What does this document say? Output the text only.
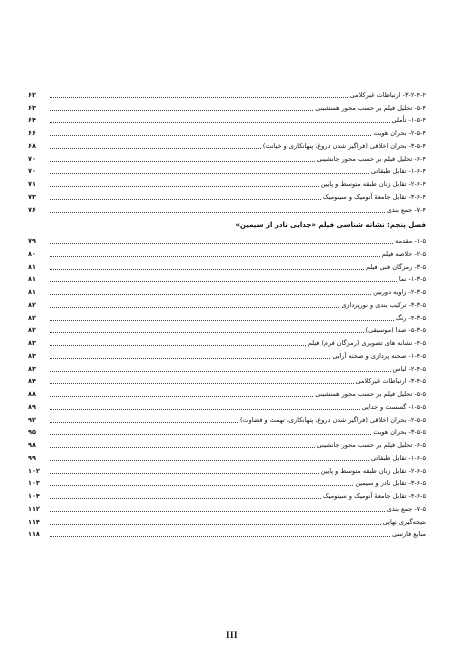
۳-۲-۴-۲- ارتباطات غیرکلامی
۶۲
۵-۴- تحلیل فیلم بر حسب محور همنشینی
۶۳
۱-۵-۴- تأملی
۶۴
۲-۵-۴- بحران هویت
۶۶
۳-۵-۴- بحران اخلاقی (فراگیر شدن دروغ، پنهانکاری و خیانت)
۶۸
۶-۴- تحلیل فیلم بر حسب محور جانشینی
۷۰
۱-۶-۴- تقابل طبقاتی
۷۰
۲-۶-۴- تقابل زنان طبقه متوسط و پایین
۷۱
۳-۶-۴- تقابل جامعهٔ آنومیک و سینومیک
۷۳
۷-۴- جمع بندی
۷۶
فصل پنجم: نشانه شناسی فیلم «جدایی نادر از سیمین»
۱-۵- مقدمه
۷۹
۲-۵- خلاصه فیلم
۸۰
۳-۵- رمزگان فنی فیلم
۸۱
۱-۳-۵- نما
۸۱
۲-۳-۵- زاویه دوربین
۸۱
۳-۳-۵- ترکیب بندی و نورپردازی
۸۲
۴-۳-۵- رنگ
۸۲
۵-۳-۵- صدا (موسیقی)
۸۲
۴-۵- نشانه های تصویری (رمزگان فرم) فیلم
۸۳
۱-۴-۵- صحنه پردازی و صحنه آرایی
۸۳
۲-۴-۵- لباس
۸۳
۳-۴-۵- ارتباطات غیرکلامی
۸۴
۵-۵- تحلیل فیلم بر حسب محور همنشینی
۸۸
۱-۵-۵- گسست و جدایی
۸۹
۲-۵-۵- بحران اخلاقی (فراگیر شدن دروغ، پنهانکاری، تهمت و قضاوت)
۹۲
۳-۵-۵- بحران هویت
۹۵
۶-۵- تحلیل فیلم بر حسب محور جانشینی
۹۸
۱-۶-۵- تقابل طبقاتی
۹۹
۲-۶-۵- تقابل زنان طبقه متوسط و پایین
۱۰۲
۳-۶-۵- تقابل نادر و سیمین
۱۰۳
۴-۶-۵- تقابل جامعهٔ آنومیک و سینومیک
۱۰۴
۷-۵- جمع بندی
۱۱۲
نتیجه‌گیری نهایی
۱۱۴
منابع فارسی
۱۱۸
III
